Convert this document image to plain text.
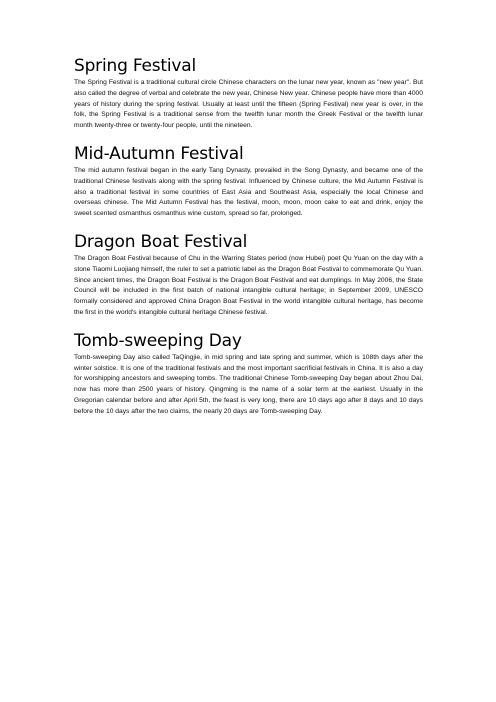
Spring Festival

The Spring Festival is a traditional cultural circle Chinese characters on the lunar new year, known as "new year". But also called the degree of verbal and celebrate the new year, Chinese New year. Chinese people have more than 4000 years of history during the spring festival. Usually at least until the fifteen (Spring Festival) new year is over, in the folk, the Spring Festival is a traditional sense from the twelfth lunar month the Greek Festival or the twelfth lunar month twenty-three or twenty-four people, until the nineteen.

Mid-Autumn Festival

The mid autumn festival began in the early Tang Dynasty, prevailed in the Song Dynasty, and became one of the traditional Chinese festivals along with the spring festival. Influenced by Chinese culture, the Mid Autumn Festival is also a traditional festival in some countries of East Asia and Southeast Asia, especially the local Chinese and overseas chinese. The Mid Autumn Festival has the festival, moon, moon, moon cake to eat and drink, enjoy the sweet scented osmanthus osmanthus wine custom, spread so far, prolonged.

Dragon Boat Festival

The Dragon Boat Festival because of Chu in the Warring States period (now Hubei) poet Qu Yuan on the day with a stone Tiaomi Luojiang himself, the ruler to set a patriotic label as the Dragon Boat Festival to commemorate Qu Yuan. Since ancient times, the Dragon Boat Festival is the Dragon Boat Festival and eat dumplings. In May 2006, the State Council will be included in the first batch of national intangible cultural heritage; in September 2009, UNESCO formally considered and approved China Dragon Boat Festival in the world intangible cultural heritage, has become the first in the world's intangible cultural heritage Chinese festival.

Tomb-sweeping Day

Tomb-sweeping Day also called TaQingjie, in mid spring and late spring and summer, which is 108th days after the winter solstice. It is one of the traditional festivals and the most important sacrificial festivals in China. It is also a day for worshipping ancestors and sweeping tombs. The traditional Chinese Tomb-sweeping Day began about Zhou Dai, now has more than 2500 years of history. Qingming is the name of a solar term at the earliest. Usually in the Gregorian calendar before and after April 5th, the feast is very long, there are 10 days ago after 8 days and 10 days before the 10 days after the two claims, the nearly 20 days are Tomb-sweeping Day.
